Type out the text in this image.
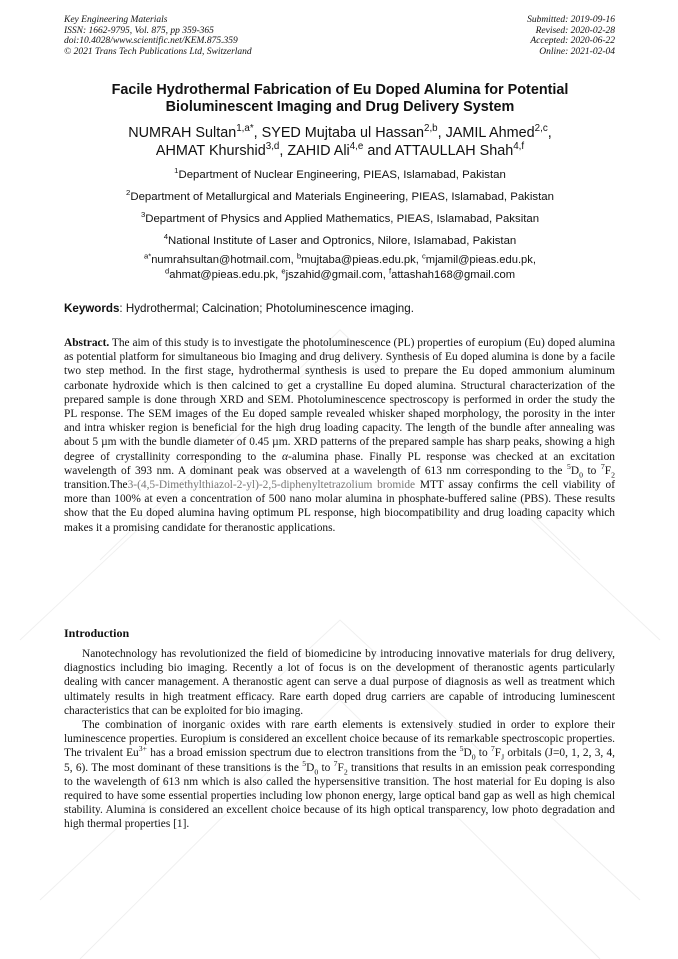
Key Engineering Materials
ISSN: 1662-9795, Vol. 875, pp 359-365
doi:10.4028/www.scientific.net/KEM.875.359
© 2021 Trans Tech Publications Ltd, Switzerland
Submitted: 2019-09-16
Revised: 2020-02-28
Accepted: 2020-06-22
Online: 2021-02-04
Facile Hydrothermal Fabrication of Eu Doped Alumina for Potential
Bioluminescent Imaging and Drug Delivery System
NUMRAH Sultan$^{1,a*}$, SYED Mujtaba ul Hassan$^{2,b}$, JAMIL Ahmed$^{2,c}$,
AHMAT Khurshid$^{3,d}$, ZAHID Ali$^{4,e}$ and ATTAULLAH Shah$^{4,f}$
$^1$Department of Nuclear Engineering, PIEAS, Islamabad, Pakistan
$^2$Department of Metallurgical and Materials Engineering, PIEAS, Islamabad, Pakistan
$^3$Department of Physics and Applied Mathematics, PIEAS, Islamabad, Paksitan
$^4$National Institute of Laser and Optronics, Nilore, Islamabad, Pakistan
$^{a*}$numrahsultan@hotmail.com, $^b$mujtaba@pieas.edu.pk, $^c$mjamil@pieas.edu.pk,
$^d$ahmat@pieas.edu.pk, $^e$jszahid@gmail.com, $^f$attashah168@gmail.com
Keywords: Hydrothermal; Calcination; Photoluminescence imaging.

Abstract. The aim of this study is to investigate the photoluminescence (PL) properties of europium (Eu) doped alumina as potential platform for simultaneous bio Imaging and drug delivery. Synthesis of Eu doped alumina is done by a facile two step method. In the first stage, hydrothermal synthesis is used to prepare the Eu doped ammonium aluminum carbonate hydroxide which is then calcined to get a crystalline Eu doped alumina. Structural characterization of the prepared sample is done through XRD and SEM. Photoluminescence spectroscopy is performed in order the study the PL response. The SEM images of the Eu doped sample revealed whisker shaped morphology, the porosity in the inter and intra whisker region is beneficial for the high drug loading capacity. The length of the bundle after annealing was about 5 µm with the bundle diameter of 0.45 µm. XRD patterns of the prepared sample has sharp peaks, showing a high degree of crystallinity corresponding to the α-alumina phase. Finally PL response was checked at an excitation wavelength of 393 nm. A dominant peak was observed at a wavelength of 613 nm corresponding to the $^5D_0$ to $^7F_2$ transition.The3-(4,5-Dimethylthiazol-2-yl)-2,5-diphenyltetrazolium bromide MTT assay confirms the cell viability of more than 100% at even a concentration of 500 nano molar alumina in phosphate-buffered saline (PBS). These results show that the Eu doped alumina having optimum PL response, high biocompatibility and drug loading capacity which makes it a promising candidate for theranostic applications.

Introduction

Nanotechnology has revolutionized the field of biomedicine by introducing innovative materials for drug delivery, diagnostics including bio imaging. Recently a lot of focus is on the development of theranostic agents particularly dealing with cancer management. A theranostic agent can serve a dual purpose of diagnosis as well as treatment which ultimately results in high treatment efficacy. Rare earth doped drug carriers are capable of introducing luminescent characteristics that can be exploited for bio imaging.

The combination of inorganic oxides with rare earth elements is extensively studied in order to explore their luminescence properties. Europium is considered an excellent choice because of its remarkable spectroscopic properties. The trivalent $Eu^{3+}$ has a broad emission spectrum due to electron transitions from the $^5D_0$ to $^7F_J$ orbitals (J=0, 1, 2, 3, 4, 5, 6). The most dominant of these transitions is the $^5D_0$ to $^7F_2$ transitions that results in an emission peak corresponding to the wavelength of 613 nm which is also called the hypersensitive transition. The host material for Eu doping is also required to have some essential properties including low phonon energy, large optical band gap as well as high chemical stability. Alumina is considered an excellent choice because of its high optical transparency, low photo degradation and high thermal properties [1].
